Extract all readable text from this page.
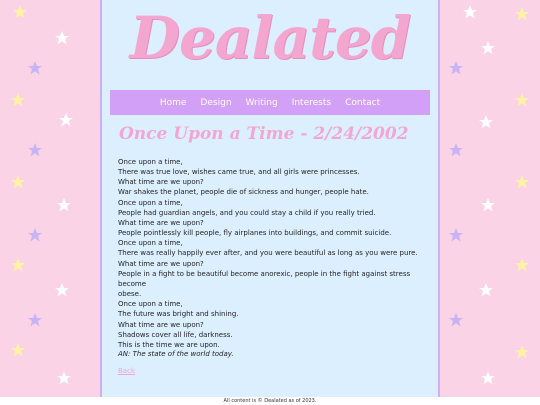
Dealated
Home Design Writing Interests Contact
Once Upon a Time - 2/24/2002
Once upon a time,
There was true love, wishes came true, and all girls were princesses.
What time are we upon?
War shakes the planet, people die of sickness and hunger, people hate.
Once upon a time,
People had guardian angels, and you could stay a child if you really tried.
What time are we upon?
People pointlessly kill people, fly airplanes into buildings, and commit suicide.
Once upon a time,
There was really happily ever after, and you were beautiful as long as you were pure.
What time are we upon?
People in a fight to be beautiful become anorexic, people in the fight against stress become
obese.
Once upon a time,
The future was bright and shining.
What time are we upon?
Shadows cover all life, darkness.
This is the time we are upon.
AN: The state of the world today.
Back
All content is © Dealated as of 2023.
